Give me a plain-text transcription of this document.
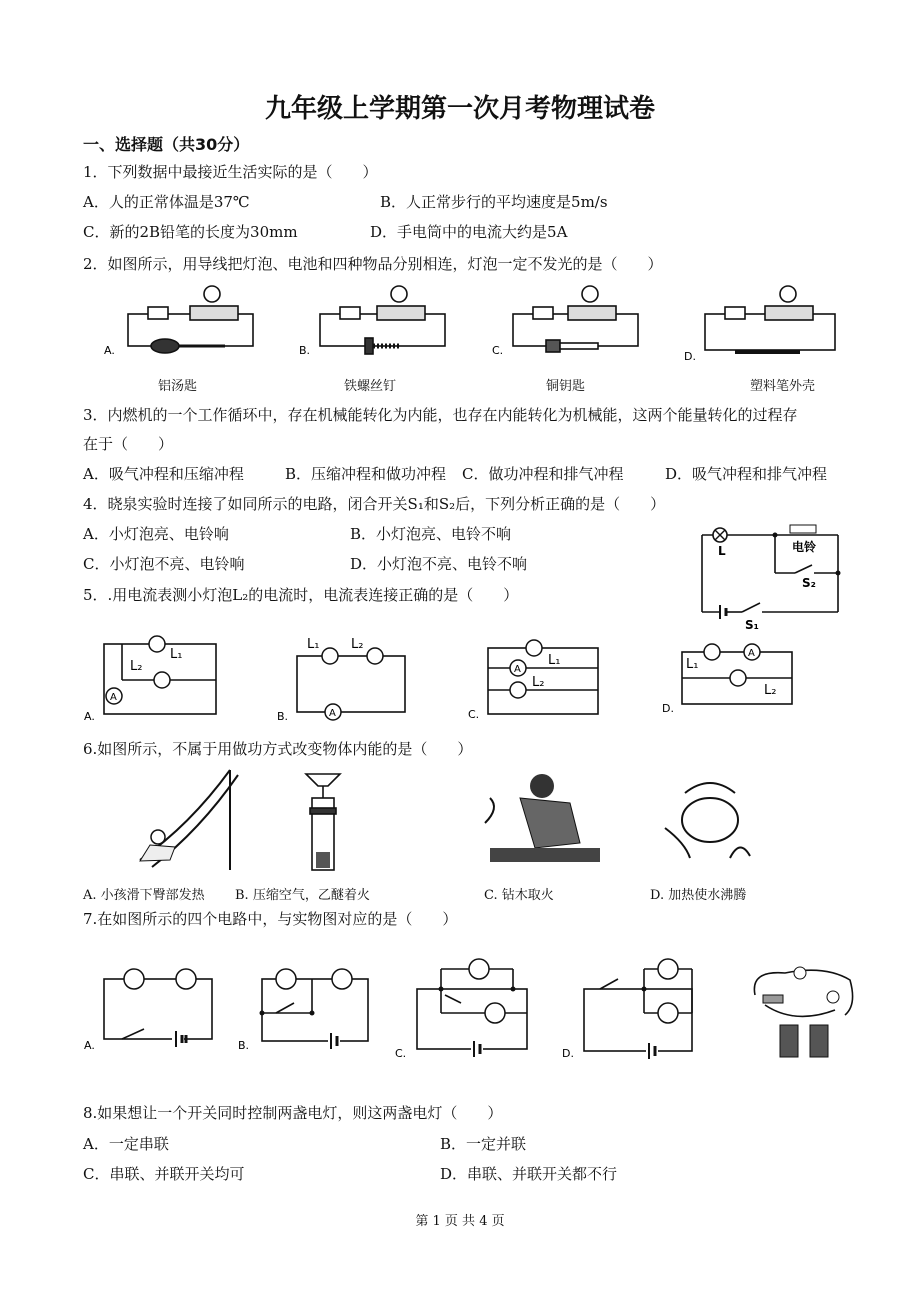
九年级上学期第一次月考物理试卷
一、选择题（共30分）
1．下列数据中最接近生活实际的是（　　）
A．人的正常体温是37℃	B．人正常步行的平均速度是5m/s
C．新的2B铅笔的长度为30mm	D．手电筒中的电流大约是5A
2．如图所示，用导线把灯泡、电池和四种物品分别相连，灯泡一定不发光的是（　　）
A.	B.	C.	D.
铝汤匙	铁螺丝钉	铜钥匙	塑料笔外壳
3．内燃机的一个工作循环中，存在机械能转化为内能，也存在内能转化为机械能，这两个能量转化的过程存
在于（　　）
A．吸气冲程和压缩冲程	B．压缩冲程和做功冲程 C．做功冲程和排气冲程	D．吸气冲程和排气冲程
4．晓泉实验时连接了如同所示的电路，闭合开关S₁和S₂后，下列分析正确的是（　　）
A．小灯泡亮、电铃响	B．小灯泡亮、电铃不响
C．小灯泡不亮、电铃响	D．小灯泡不亮、电铃不响
L	电铃
S₂
S₁
5．.用电流表测小灯泡L₂的电流时，电流表连接正确的是（　　）
A
L₁
L₂
A.	A
L₁ L₂
B.
A
L₁
L₂
C.
A
L₁
L₂
D.
6.如图所示，不属于用做功方式改变物体内能的是（　　）
A. 小孩滑下臀部发热 B. 压缩空气，乙醚着火	C. 钻木取火	D. 加热使水沸腾
7.在如图所示的四个电路中，与实物图对应的是（　　）
A.	B.
C.	D.
8.如果想让一个开关同时控制两盏电灯，则这两盏电灯（　　）
A．一定串联	B．一定并联
C．串联、并联开关均可	D．串联、并联开关都不行
第 1 页 共 4 页
